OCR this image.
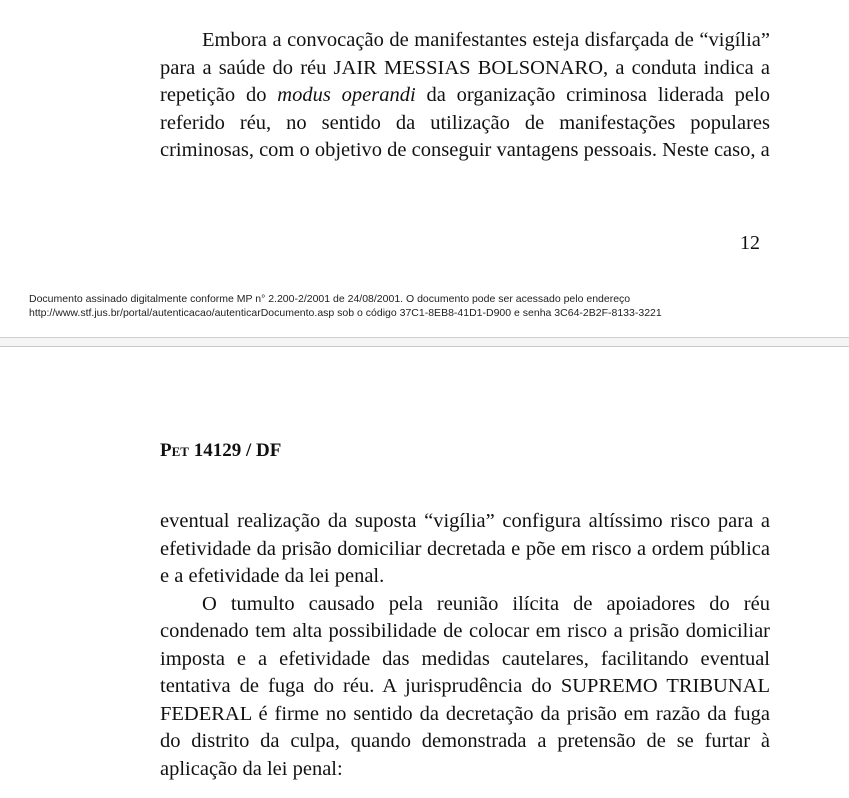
Embora a convocação de manifestantes esteja disfarçada de “vigília” para a saúde do réu JAIR MESSIAS BOLSONARO, a conduta indica a repetição do modus operandi da organização criminosa liderada pelo referido réu, no sentido da utilização de manifestações populares criminosas, com o objetivo de conseguir vantagens pessoais. Neste caso, a

12
Documento assinado digitalmente conforme MP n° 2.200-2/2001 de 24/08/2001. O documento pode ser acessado pelo endereço
http://www.stf.jus.br/portal/autenticacao/autenticarDocumento.asp sob o código 37C1-8EB8-41D1-D900 e senha 3C64-2B2F-8133-3221
Pet 14129 / DF

eventual realização da suposta “vigília” configura altíssimo risco para a efetividade da prisão domiciliar decretada e põe em risco a ordem pública e a efetividade da lei penal.

O tumulto causado pela reunião ilícita de apoiadores do réu condenado tem alta possibilidade de colocar em risco a prisão domiciliar imposta e a efetividade das medidas cautelares, facilitando eventual tentativa de fuga do réu. A jurisprudência do SUPREMO TRIBUNAL FEDERAL é firme no sentido da decretação da prisão em razão da fuga do distrito da culpa, quando demonstrada a pretensão de se furtar à aplicação da lei penal:
